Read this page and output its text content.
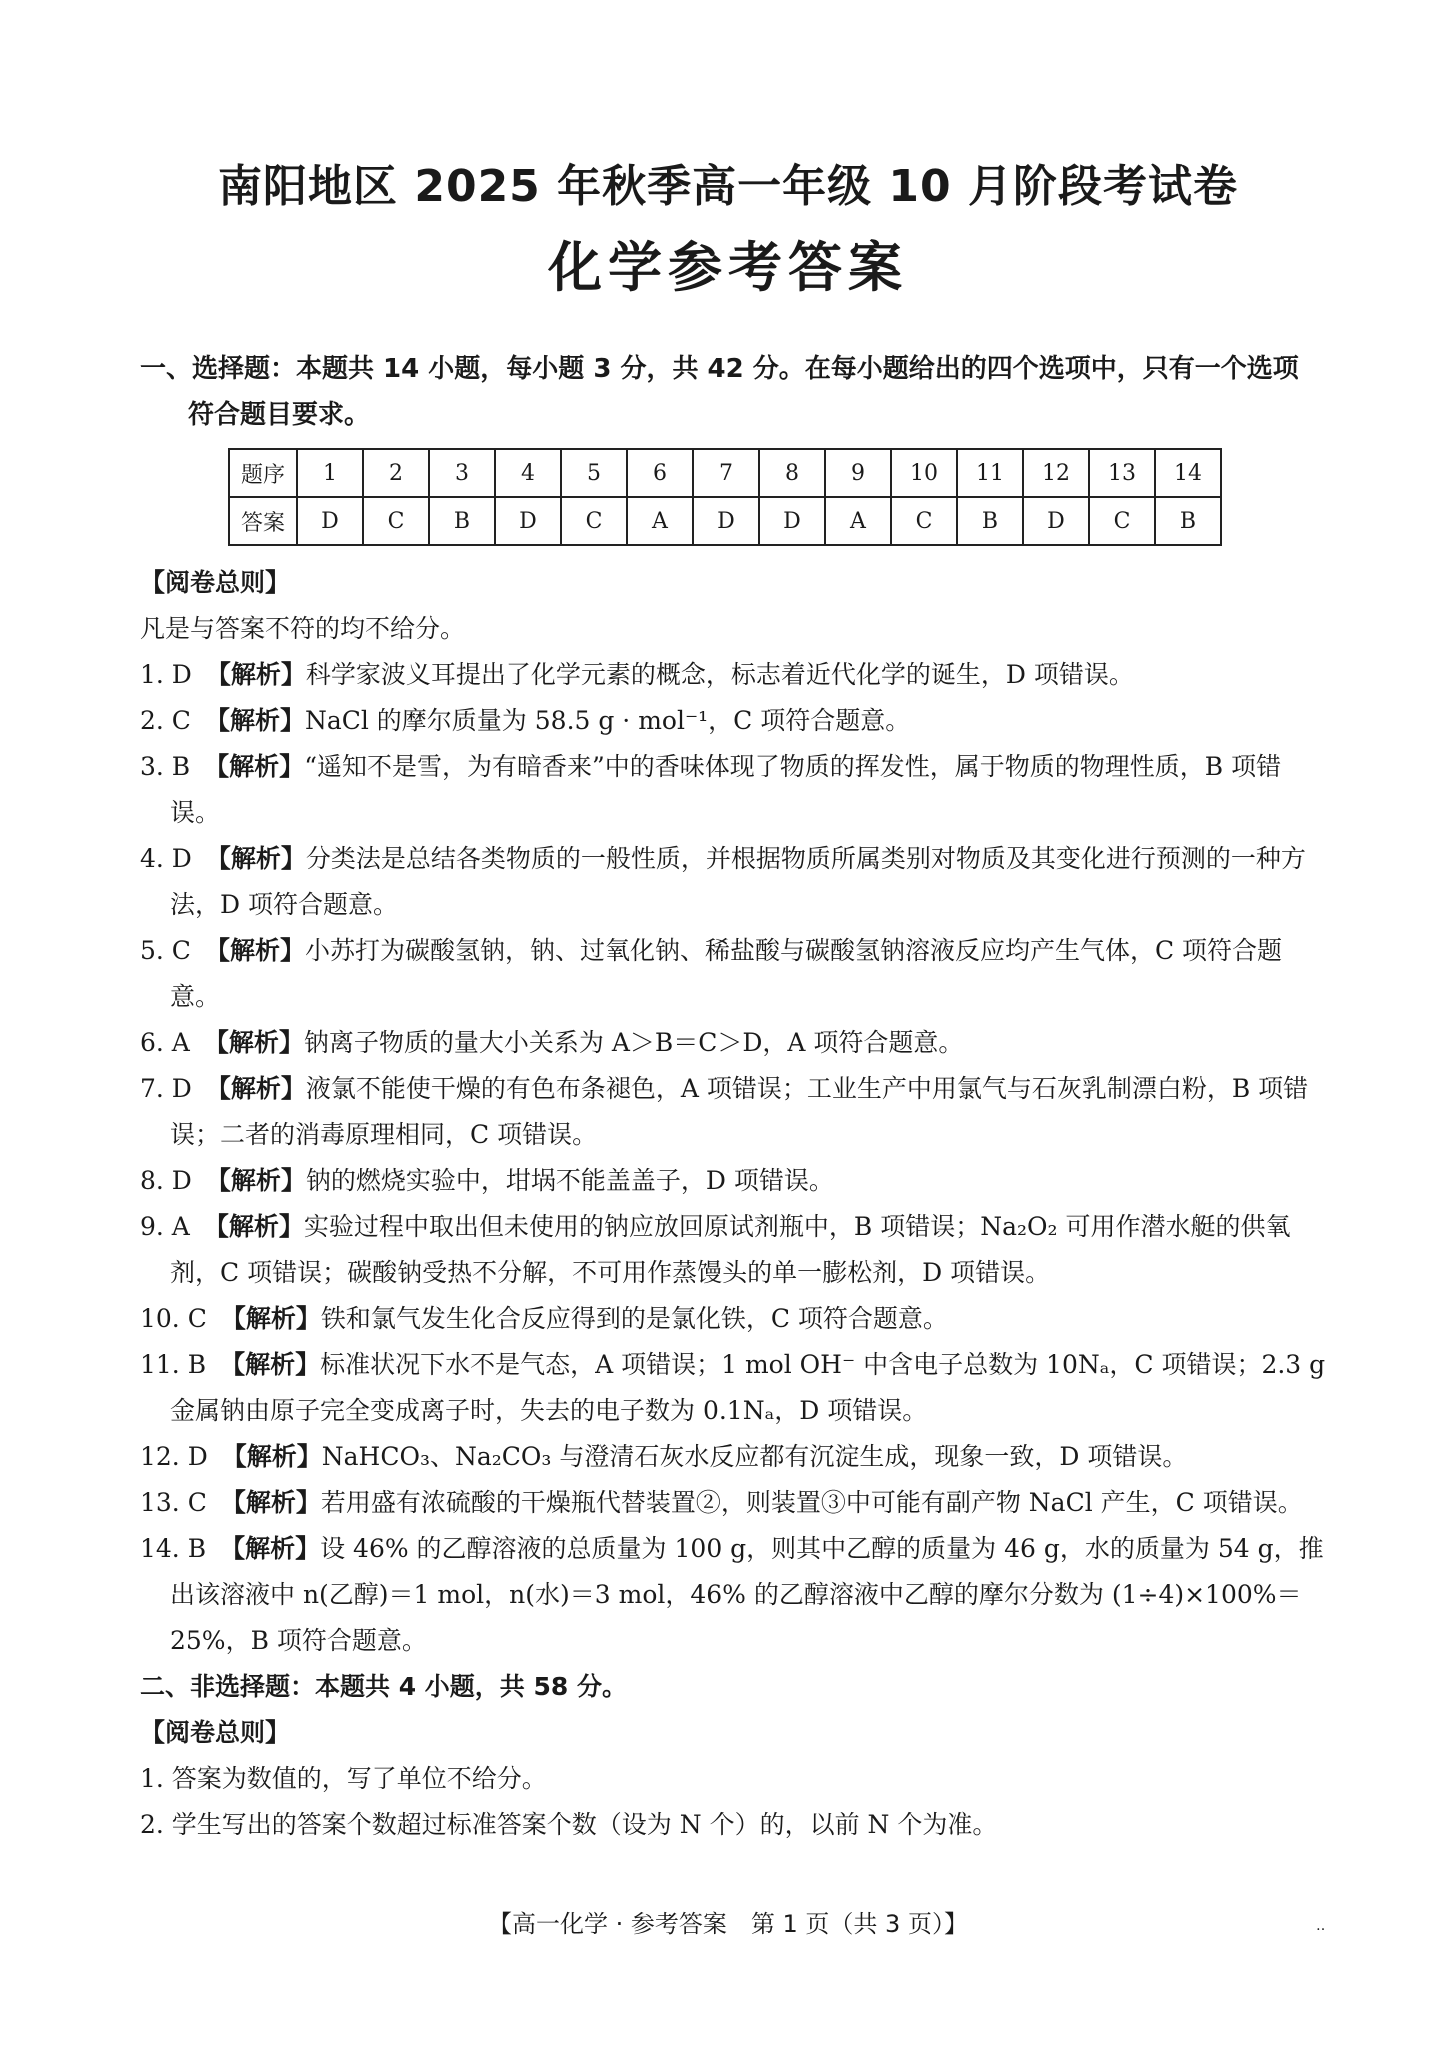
南阳地区 2025 年秋季高一年级 10 月阶段考试卷
化学参考答案
一、选择题：本题共 14 小题，每小题 3 分，共 42 分。在每小题给出的四个选项中，只有一个选项
符合题目要求。
题序	1	2	3	4	5	6	7	8	9	10	11	12	13	14
答案	D	C	B	D	C	A	D	D	A	C	B	D	C	B
【阅卷总则】
凡是与答案不符的均不给分。
1. D 【解析】科学家波义耳提出了化学元素的概念，标志着近代化学的诞生，D 项错误。
2. C 【解析】NaCl 的摩尔质量为 58.5 g · mol⁻¹，C 项符合题意。
3. B 【解析】“遥知不是雪，为有暗香来”中的香味体现了物质的挥发性，属于物质的物理性质，B 项错误。
4. D 【解析】分类法是总结各类物质的一般性质，并根据物质所属类别对物质及其变化进行预测的一种方法，D 项符合题意。
5. C 【解析】小苏打为碳酸氢钠，钠、过氧化钠、稀盐酸与碳酸氢钠溶液反应均产生气体，C 项符合题意。
6. A 【解析】钠离子物质的量大小关系为 A＞B＝C＞D，A 项符合题意。
7. D 【解析】液氯不能使干燥的有色布条褪色，A 项错误；工业生产中用氯气与石灰乳制漂白粉，B 项错误；二者的消毒原理相同，C 项错误。
8. D 【解析】钠的燃烧实验中，坩埚不能盖盖子，D 项错误。
9. A 【解析】实验过程中取出但未使用的钠应放回原试剂瓶中，B 项错误；Na₂O₂ 可用作潜水艇的供氧剂，C 项错误；碳酸钠受热不分解，不可用作蒸馒头的单一膨松剂，D 项错误。
10. C 【解析】铁和氯气发生化合反应得到的是氯化铁，C 项符合题意。
11. B 【解析】标准状况下水不是气态，A 项错误；1 mol OH⁻ 中含电子总数为 10Nₐ，C 项错误；2.3 g 金属钠由原子完全变成离子时，失去的电子数为 0.1Nₐ，D 项错误。
12. D 【解析】NaHCO₃、Na₂CO₃ 与澄清石灰水反应都有沉淀生成，现象一致，D 项错误。
13. C 【解析】若用盛有浓硫酸的干燥瓶代替装置②，则装置③中可能有副产物 NaCl 产生，C 项错误。
14. B 【解析】设 46% 的乙醇溶液的总质量为 100 g，则其中乙醇的质量为 46 g，水的质量为 54 g，推出该溶液中 n(乙醇)＝1 mol，n(水)＝3 mol，46% 的乙醇溶液中乙醇的摩尔分数为 (1÷4)×100%＝25%，B 项符合题意。
二、非选择题：本题共 4 小题，共 58 分。
【阅卷总则】
1. 答案为数值的，写了单位不给分。
2. 学生写出的答案个数超过标准答案个数（设为 N 个）的，以前 N 个为准。
【高一化学 · 参考答案　第 1 页（共 3 页）】	‥
